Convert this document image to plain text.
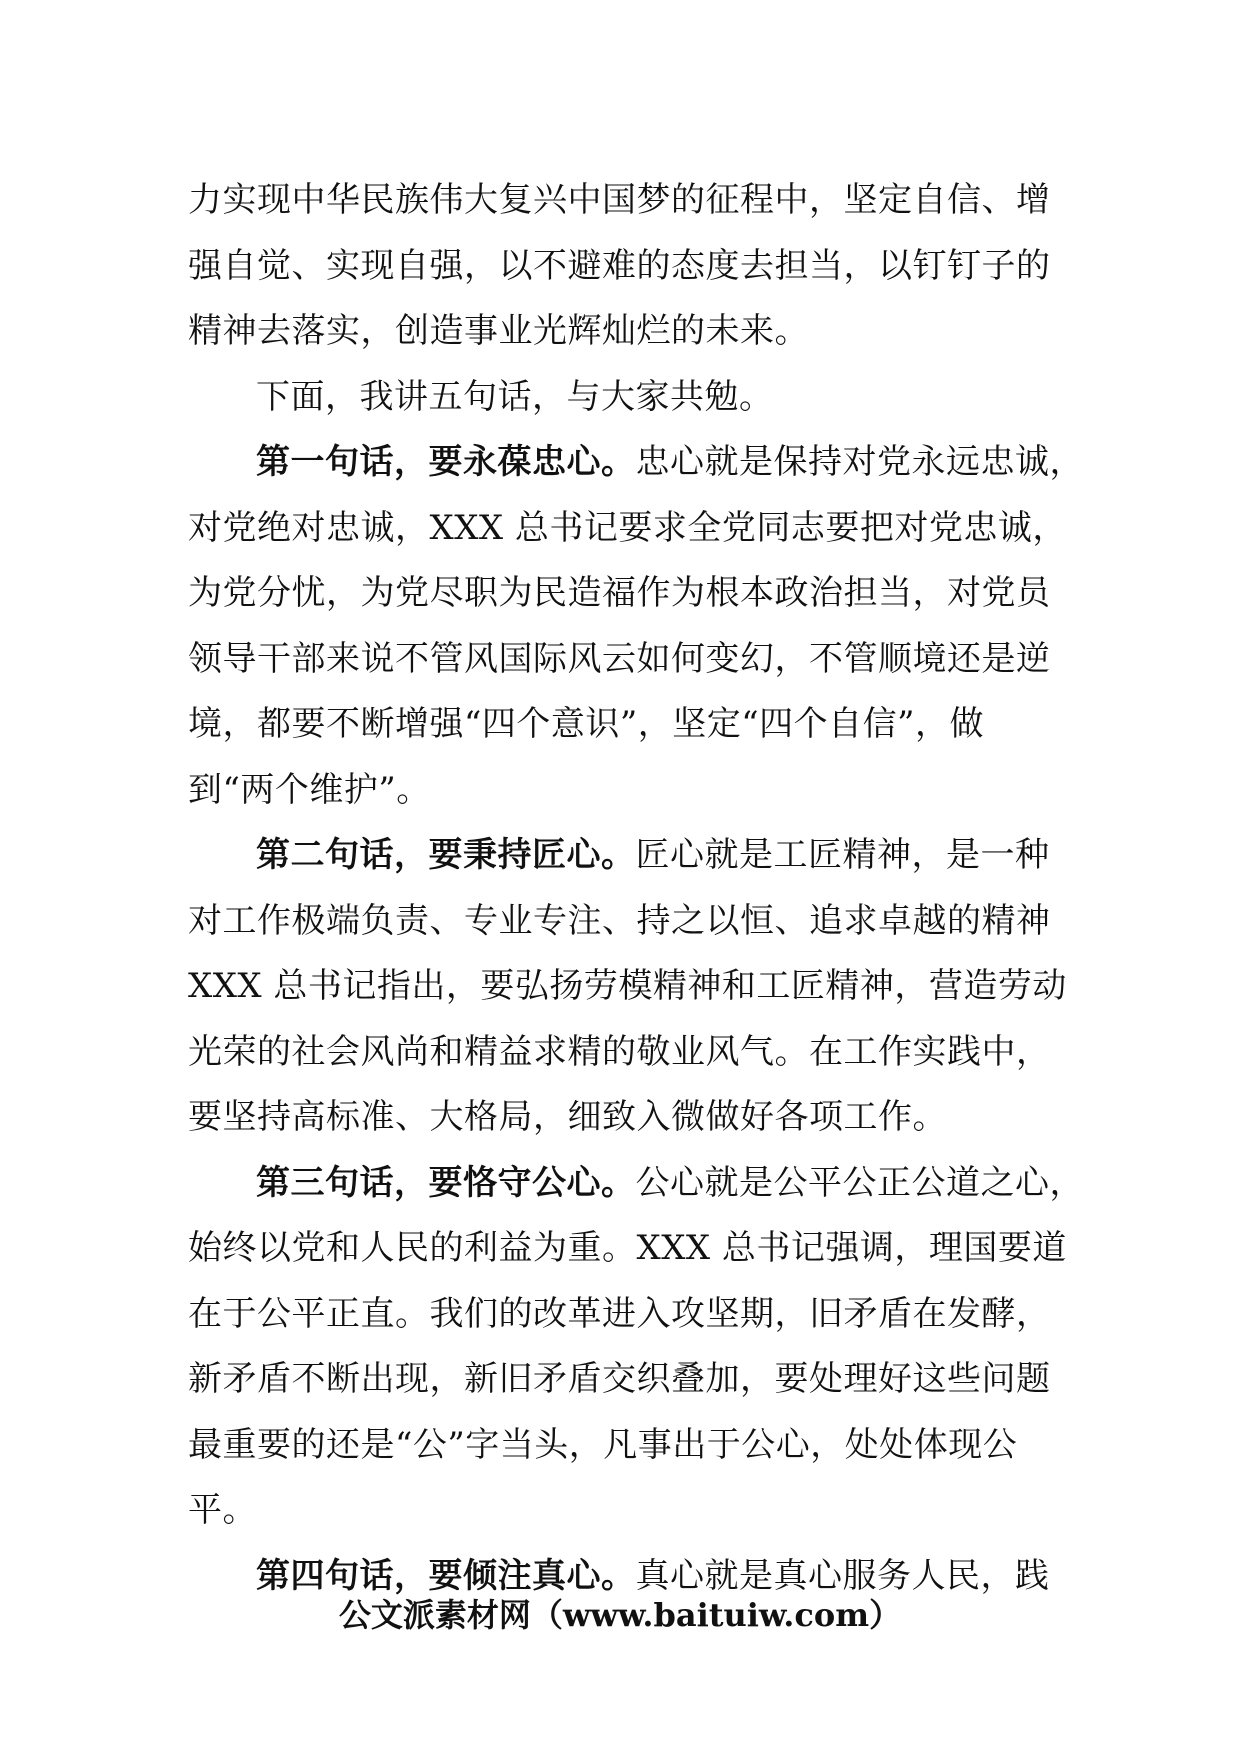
力实现中华民族伟大复兴中国梦的征程中，坚定自信、增
强自觉、实现自强，以不避难的态度去担当，以钉钉子的
精神去落实，创造事业光辉灿烂的未来。
下面，我讲五句话，与大家共勉。
第一句话，要永葆忠心。忠心就是保持对党永远忠诚，
对党绝对忠诚，XXX 总书记要求全党同志要把对党忠诚，
为党分忧，为党尽职为民造福作为根本政治担当，对党员
领导干部来说不管风国际风云如何变幻，不管顺境还是逆
境，都要不断增强“四个意识”，坚定“四个自信”，做
到“两个维护”。
第二句话，要秉持匠心。匠心就是工匠精神，是一种
对工作极端负责、专业专注、持之以恒、追求卓越的精神
XXX 总书记指出，要弘扬劳模精神和工匠精神，营造劳动
光荣的社会风尚和精益求精的敬业风气。在工作实践中，
要坚持高标准、大格局，细致入微做好各项工作。
第三句话，要恪守公心。公心就是公平公正公道之心，
始终以党和人民的利益为重。XXX 总书记强调，理国要道
在于公平正直。我们的改革进入攻坚期，旧矛盾在发酵，
新矛盾不断出现，新旧矛盾交织叠加，要处理好这些问题
最重要的还是“公”字当头，凡事出于公心，处处体现公
平。
第四句话，要倾注真心。真心就是真心服务人民，践
公文派素材网（www.baituiw.com）
